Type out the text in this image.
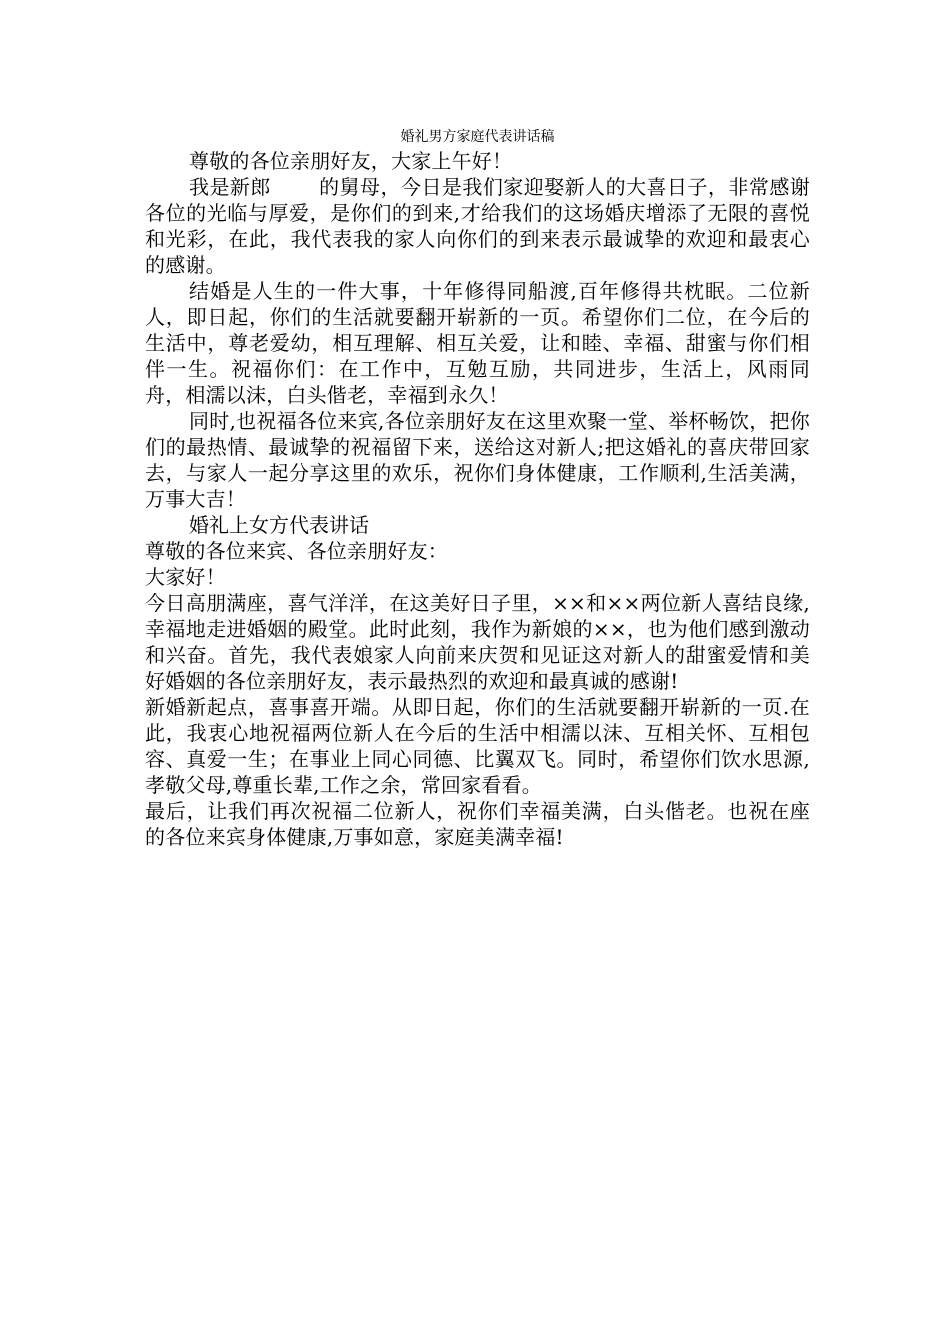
婚礼男方家庭代表讲话稿

尊敬的各位亲朋好友，大家上午好！

我是新郎 的舅母，今日是我们家迎娶新人的大喜日子，非常感谢各位的光临与厚爱，是你们的到来,才给我们的这场婚庆增添了无限的喜悦和光彩，在此，我代表我的家人向你们的到来表示最诚挚的欢迎和最衷心的感谢。

结婚是人生的一件大事，十年修得同船渡,百年修得共枕眠。二位新人，即日起，你们的生活就要翻开崭新的一页。希望你们二位，在今后的生活中，尊老爱幼，相互理解、相互关爱，让和睦、幸福、甜蜜与你们相伴一生。祝福你们：在工作中，互勉互励，共同进步，生活上，风雨同舟，相濡以沫，白头偕老，幸福到永久！

同时,也祝福各位来宾,各位亲朋好友在这里欢聚一堂、举杯畅饮，把你们的最热情、最诚挚的祝福留下来，送给这对新人;把这婚礼的喜庆带回家去，与家人一起分享这里的欢乐，祝你们身体健康，工作顺利,生活美满，万事大吉！

婚礼上女方代表讲话

尊敬的各位来宾、各位亲朋好友：

大家好！

今日高朋满座，喜气洋洋，在这美好日子里，××和××两位新人喜结良缘,幸福地走进婚姻的殿堂。此时此刻，我作为新娘的××，也为他们感到激动和兴奋。首先，我代表娘家人向前来庆贺和见证这对新人的甜蜜爱情和美好婚姻的各位亲朋好友，表示最热烈的欢迎和最真诚的感谢!

新婚新起点，喜事喜开端。从即日起，你们的生活就要翻开崭新的一页.在此，我衷心地祝福两位新人在今后的生活中相濡以沫、互相关怀、互相包容、真爱一生；在事业上同心同德、比翼双飞。同时，希望你们饮水思源,孝敬父母,尊重长辈,工作之余，常回家看看。

最后，让我们再次祝福二位新人，祝你们幸福美满，白头偕老。也祝在座的各位来宾身体健康,万事如意，家庭美满幸福!
